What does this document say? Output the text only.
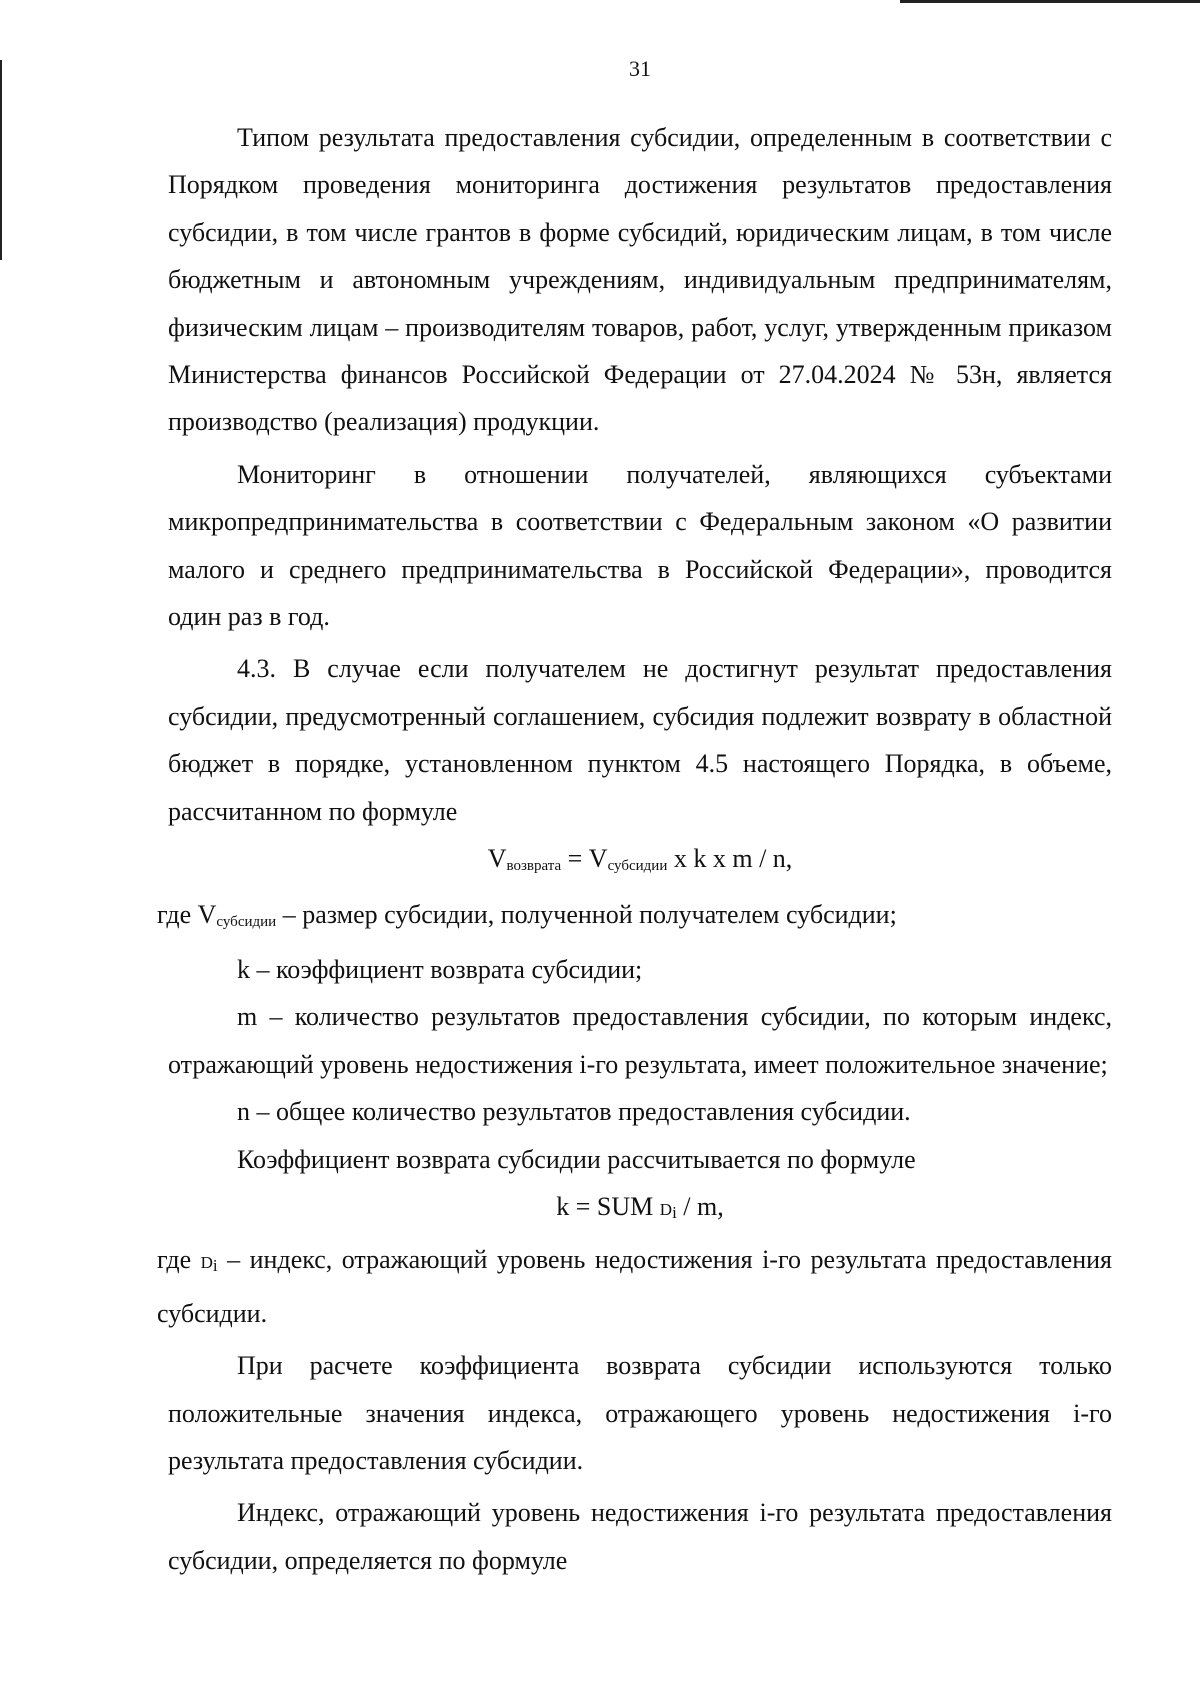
31

Типом результата предоставления субсидии, определенным в соответствии с Порядком проведения мониторинга достижения результатов предоставления субсидии, в том числе грантов в форме субсидий, юридическим лицам, в том числе бюджетным и автономным учреждениям, индивидуальным предпринимателям, физическим лицам – производителям товаров, работ, услуг, утвержденным приказом Министерства финансов Российской Федерации от 27.04.2024 № 53н, является производство (реализация) продукции.

Мониторинг в отношении получателей, являющихся субъектами микропредпринимательства в соответствии с Федеральным законом «О развитии малого и среднего предпринимательства в Российской Федерации», проводится один раз в год.

4.3. В случае если получателем не достигнут результат предоставления субсидии, предусмотренный соглашением, субсидия подлежит возврату в областной бюджет в порядке, установленном пунктом 4.5 настоящего Порядка, в объеме, рассчитанном по формуле

$V_{возврата} = V_{субсидии}$ x k x m / n,

где $V_{субсидии}$ – размер субсидии, полученной получателем субсидии;

k – коэффициент возврата субсидии;

m – количество результатов предоставления субсидии, по которым индекс, отражающий уровень недостижения i-го результата, имеет положительное значение;

n – общее количество результатов предоставления субсидии.

Коэффициент возврата субсидии рассчитывается по формуле

k = SUM Di / m,

где Di – индекс, отражающий уровень недостижения i-го результата предоставления субсидии.

При расчете коэффициента возврата субсидии используются только положительные значения индекса, отражающего уровень недостижения i-го результата предоставления субсидии.

Индекс, отражающий уровень недостижения i-го результата предоставления субсидии, определяется по формуле
